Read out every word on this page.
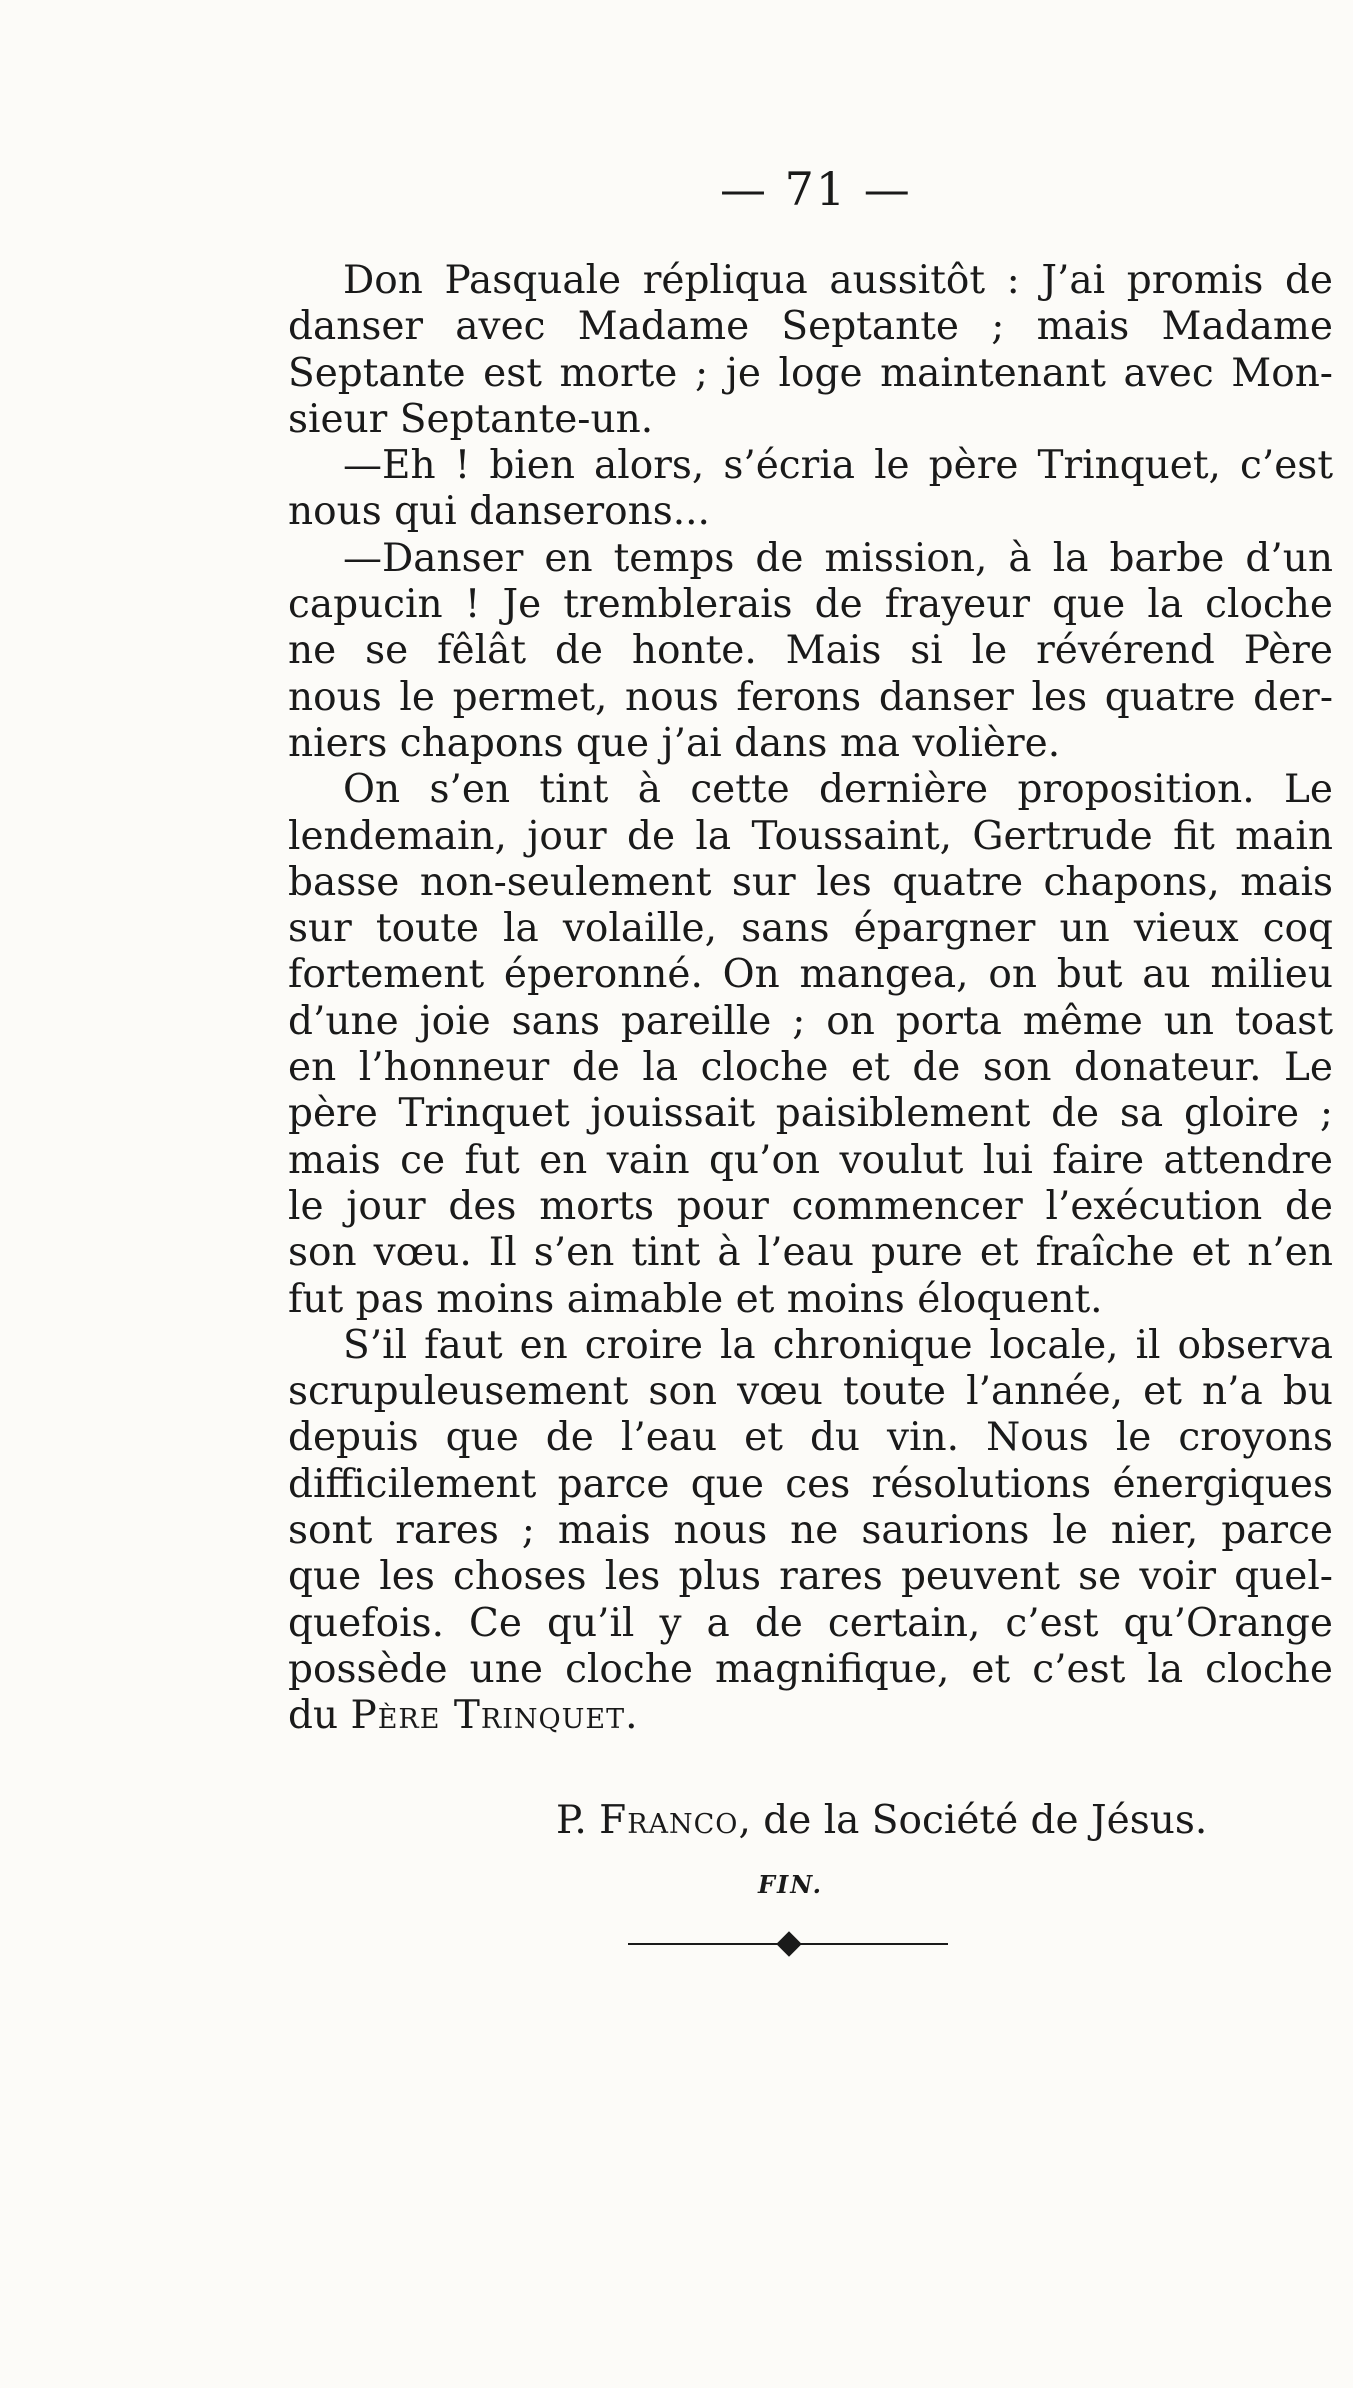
— 71 —
Don Pasquale répliqua aussitôt : J’ai promis de
danser avec Madame Septante ; mais Madame
Septante est morte ; je loge maintenant avec Mon-
sieur Septante-un.
—Eh ! bien alors, s’écria le père Trinquet, c’est
nous qui danserons...
—Danser en temps de mission, à la barbe d’un
capucin ! Je tremblerais de frayeur que la cloche
ne se fêlât de honte. Mais si le révérend Père
nous le permet, nous ferons danser les quatre der-
niers chapons que j’ai dans ma volière.
On s’en tint à cette dernière proposition. Le
lendemain, jour de la Toussaint, Gertrude fit main
basse non-seulement sur les quatre chapons, mais
sur toute la volaille, sans épargner un vieux coq
fortement éperonné. On mangea, on but au milieu
d’une joie sans pareille ; on porta même un toast
en l’honneur de la cloche et de son donateur. Le
père Trinquet jouissait paisiblement de sa gloire ;
mais ce fut en vain qu’on voulut lui faire attendre
le jour des morts pour commencer l’exécution de
son vœu. Il s’en tint à l’eau pure et fraîche et n’en
fut pas moins aimable et moins éloquent.
S’il faut en croire la chronique locale, il observa
scrupuleusement son vœu toute l’année, et n’a bu
depuis que de l’eau et du vin. Nous le croyons
difficilement parce que ces résolutions énergiques
sont rares ; mais nous ne saurions le nier, parce
que les choses les plus rares peuvent se voir quel-
quefois. Ce qu’il y a de certain, c’est qu’Orange
possède une cloche magnifique, et c’est la cloche
du Père Trinquet.
P. Franco, de la Société de Jésus.
FIN.
